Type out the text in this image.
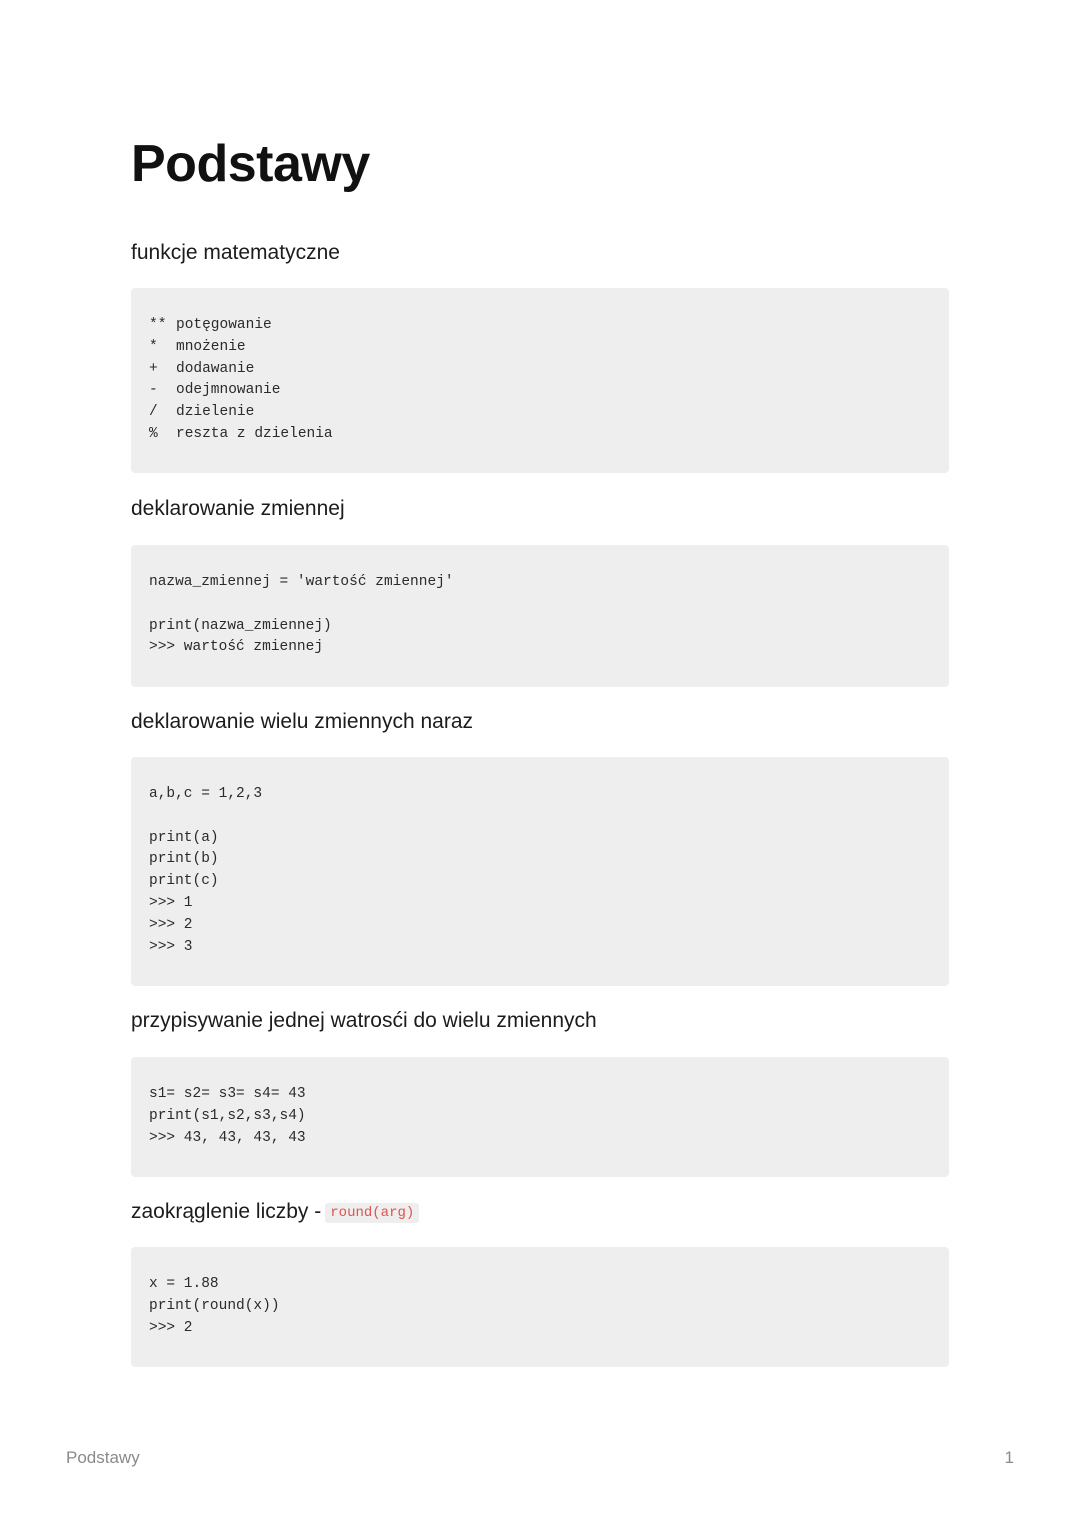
Podstawy
funkcje matematyczne
** potęgowanie
*	mnożenie
+	dodawanie
-	odejmnowanie
/	dzielenie
%	reszta z dzielenia
deklarowanie zmiennej
nazwa_zmiennej = 'wartość zmiennej'
print(nazwa_zmiennej)
>>> wartość zmiennej
deklarowanie wielu zmiennych naraz
a,b,c = 1,2,3
print(a)
print(b)
print(c)
>>> 1
>>> 2
>>> 3
przypisywanie jednej watrosći do wielu zmiennych
s1= s2= s3= s4= 43
print(s1,s2,s3,s4)
>>> 43, 43, 43, 43
zaokrąglenie liczby - round(arg)
x = 1.88
print(round(x))
>>> 2
Podstawy	1
